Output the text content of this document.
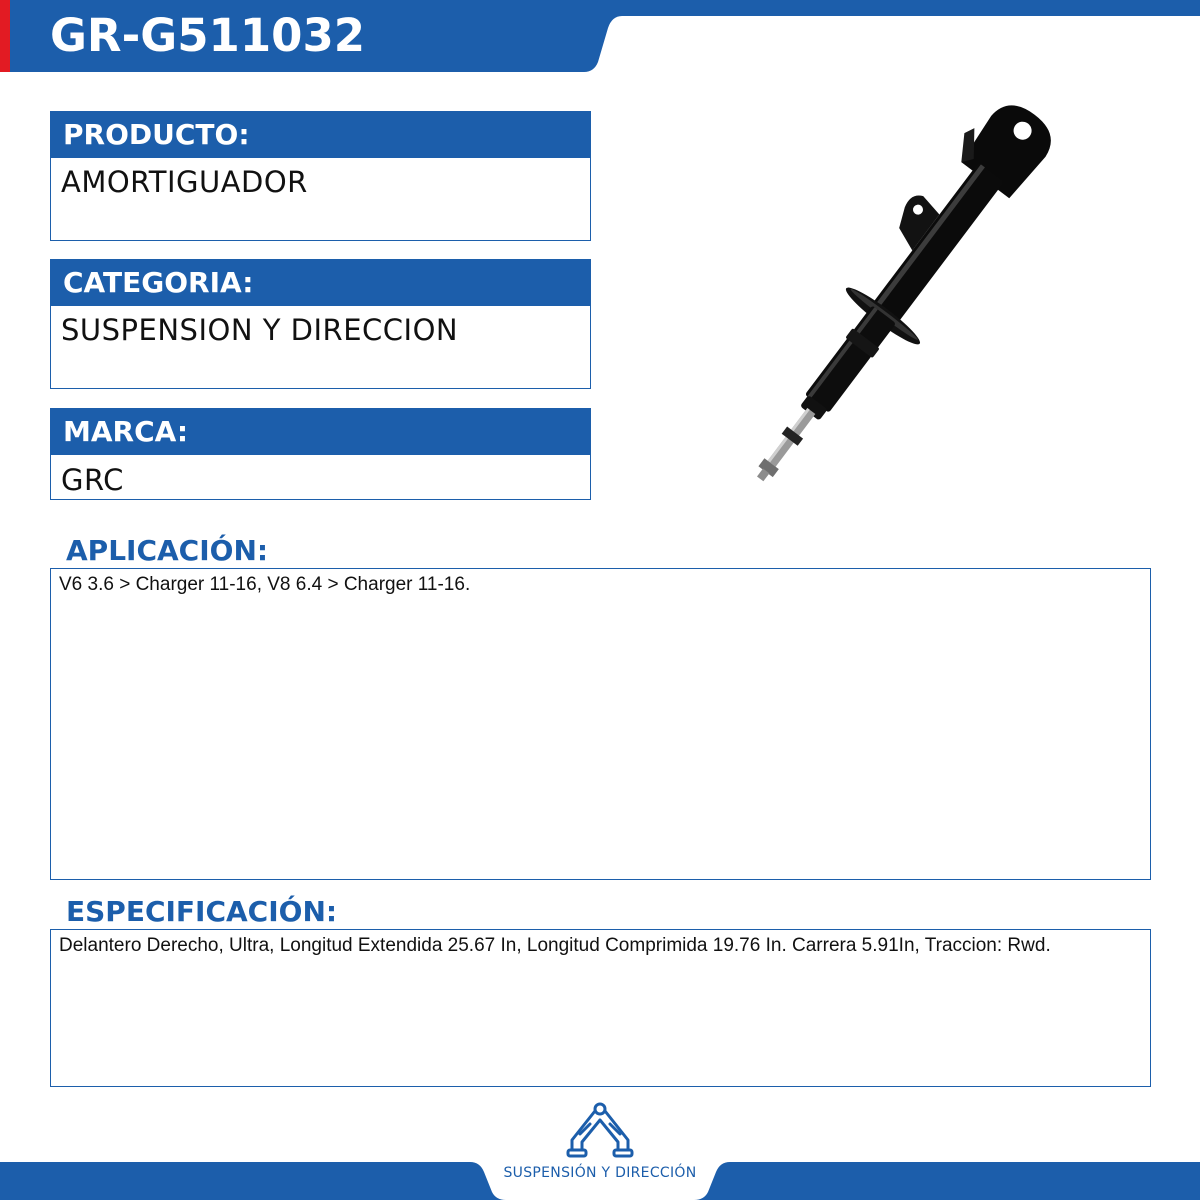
GR-G511032
PRODUCTO:
AMORTIGUADOR
CATEGORIA:
SUSPENSION Y DIRECCION
MARCA:
GRC
APLICACIÓN:
V6 3.6 > Charger 11-16, V8 6.4 > Charger 11-16.
ESPECIFICACIÓN:
Delantero Derecho, Ultra, Longitud Extendida 25.67 In, Longitud Comprimida 19.76 In. Carrera 5.91In, Traccion: Rwd.
SUSPENSIÓN Y DIRECCIÓN
